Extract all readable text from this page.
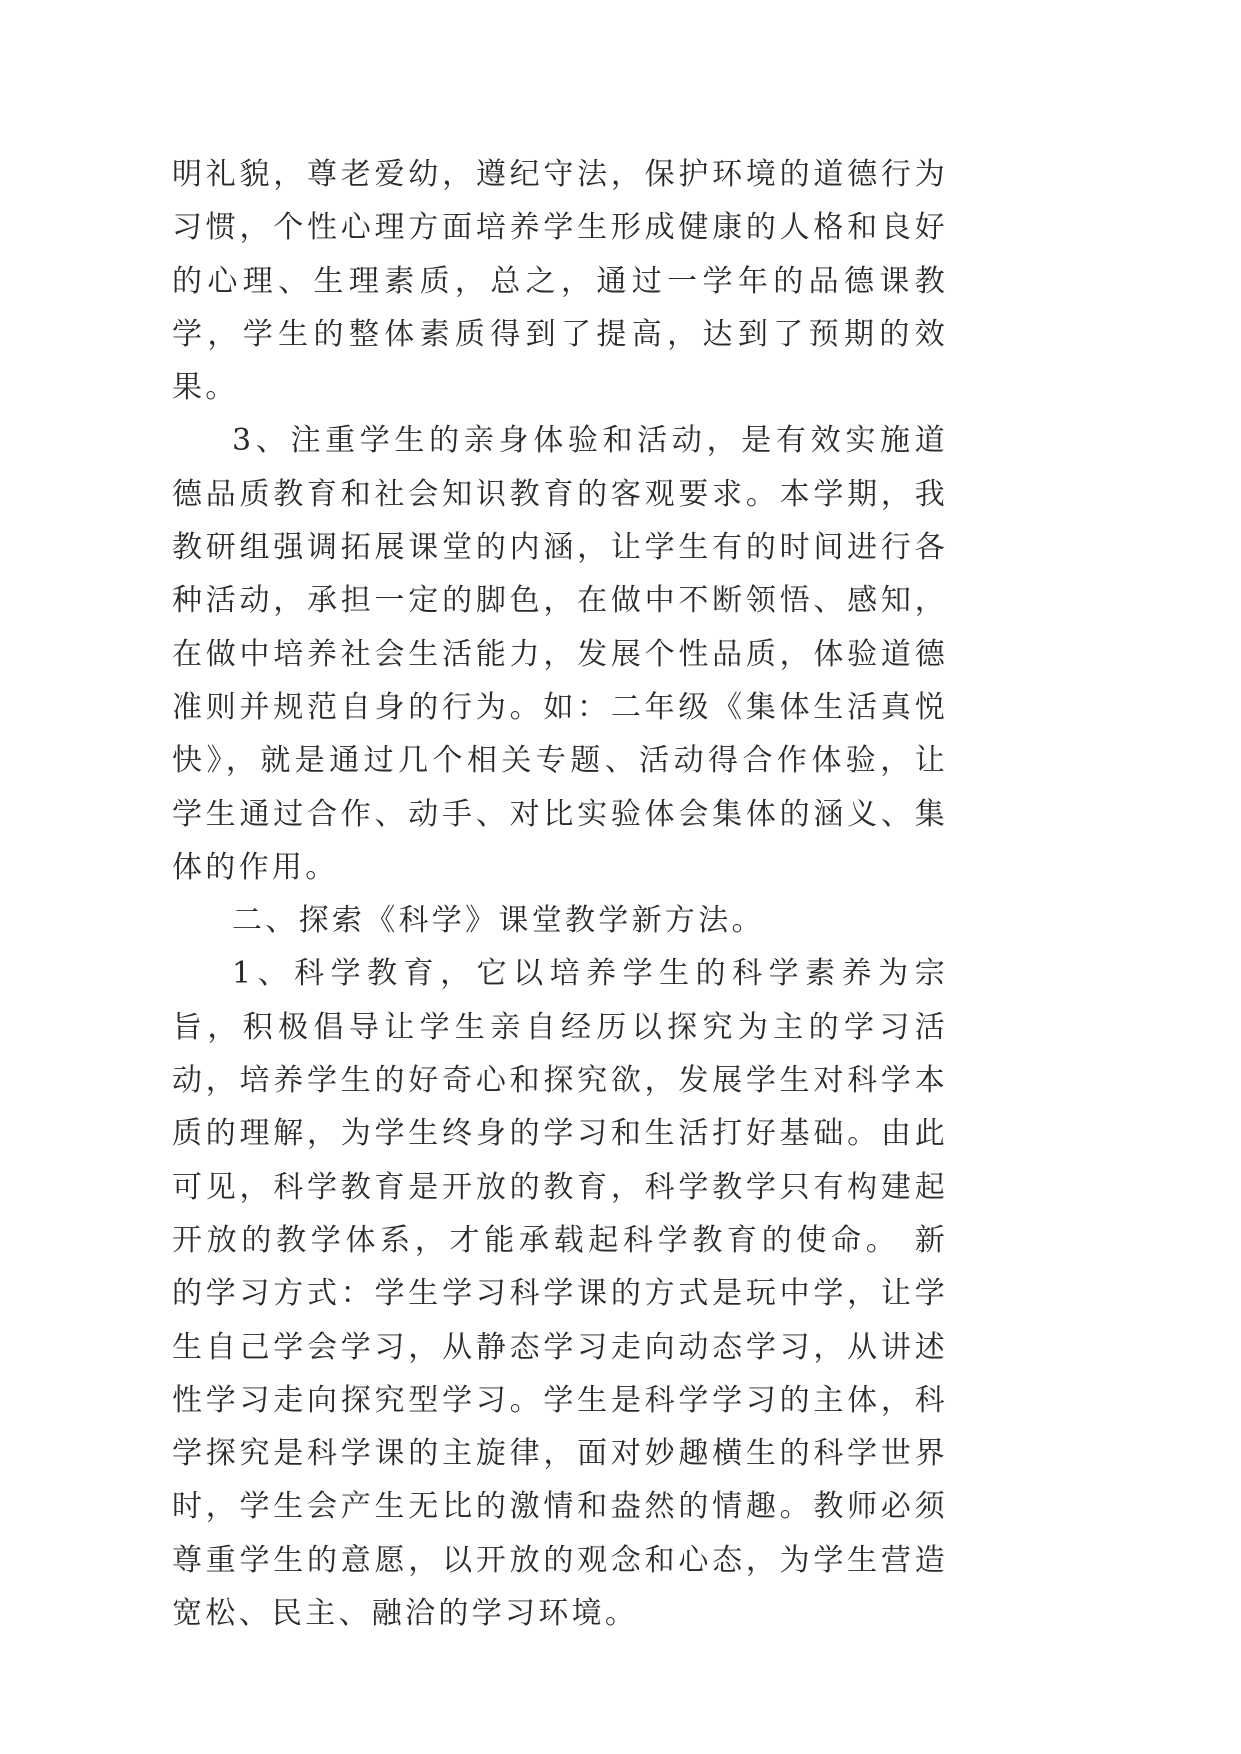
明礼貌，尊老爱幼，遵纪守法，保护环境的道德行为习惯，个性心理方面培养学生形成健康的人格和良好的心理、生理素质，总之，通过一学年的品德课教学，学生的整体素质得到了提高，达到了预期的效果。

3、注重学生的亲身体验和活动，是有效实施道德品质教育和社会知识教育的客观要求。本学期，我教研组强调拓展课堂的内涵，让学生有的时间进行各种活动，承担一定的脚色，在做中不断领悟、感知，在做中培养社会生活能力，发展个性品质，体验道德准则并规范自身的行为。如：二年级《集体生活真悦快》，就是通过几个相关专题、活动得合作体验，让学生通过合作、动手、对比实验体会集体的涵义、集体的作用。

二、探索《科学》课堂教学新方法。

1、科学教育，它以培养学生的科学素养为宗旨，积极倡导让学生亲自经历以探究为主的学习活动，培养学生的好奇心和探究欲，发展学生对科学本质的理解，为学生终身的学习和生活打好基础。由此可见，科学教育是开放的教育，科学教学只有构建起开放的教学体系，才能承载起科学教育的使命。 新的学习方式：学生学习科学课的方式是玩中学，让学生自己学会学习，从静态学习走向动态学习，从讲述性学习走向探究型学习。学生是科学学习的主体，科学探究是科学课的主旋律，面对妙趣横生的科学世界时，学生会产生无比的激情和盎然的情趣。教师必须尊重学生的意愿，以开放的观念和心态，为学生营造宽松、民主、融洽的学习环境。
